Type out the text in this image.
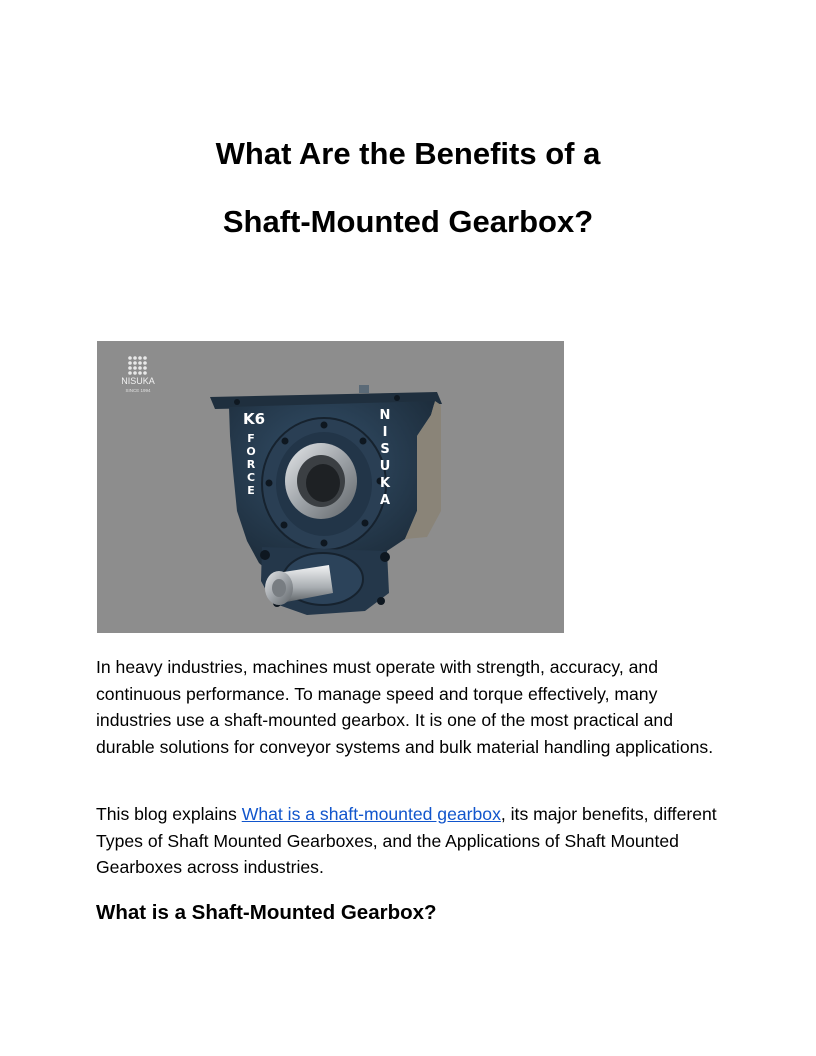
What Are the Benefits of a
Shaft-Mounted Gearbox?
NISUKA
SINCE 1994
K6
F
O
R
C
E
N
I
S
U
K
A

In heavy industries, machines must operate with strength, accuracy, and continuous performance. To manage speed and torque effectively, many industries use a shaft-mounted gearbox. It is one of the most practical and durable solutions for conveyor systems and bulk material handling applications.

This blog explains What is a shaft-mounted gearbox, its major benefits, different Types of Shaft Mounted Gearboxes, and the Applications of Shaft Mounted Gearboxes across industries.

What is a Shaft-Mounted Gearbox?
